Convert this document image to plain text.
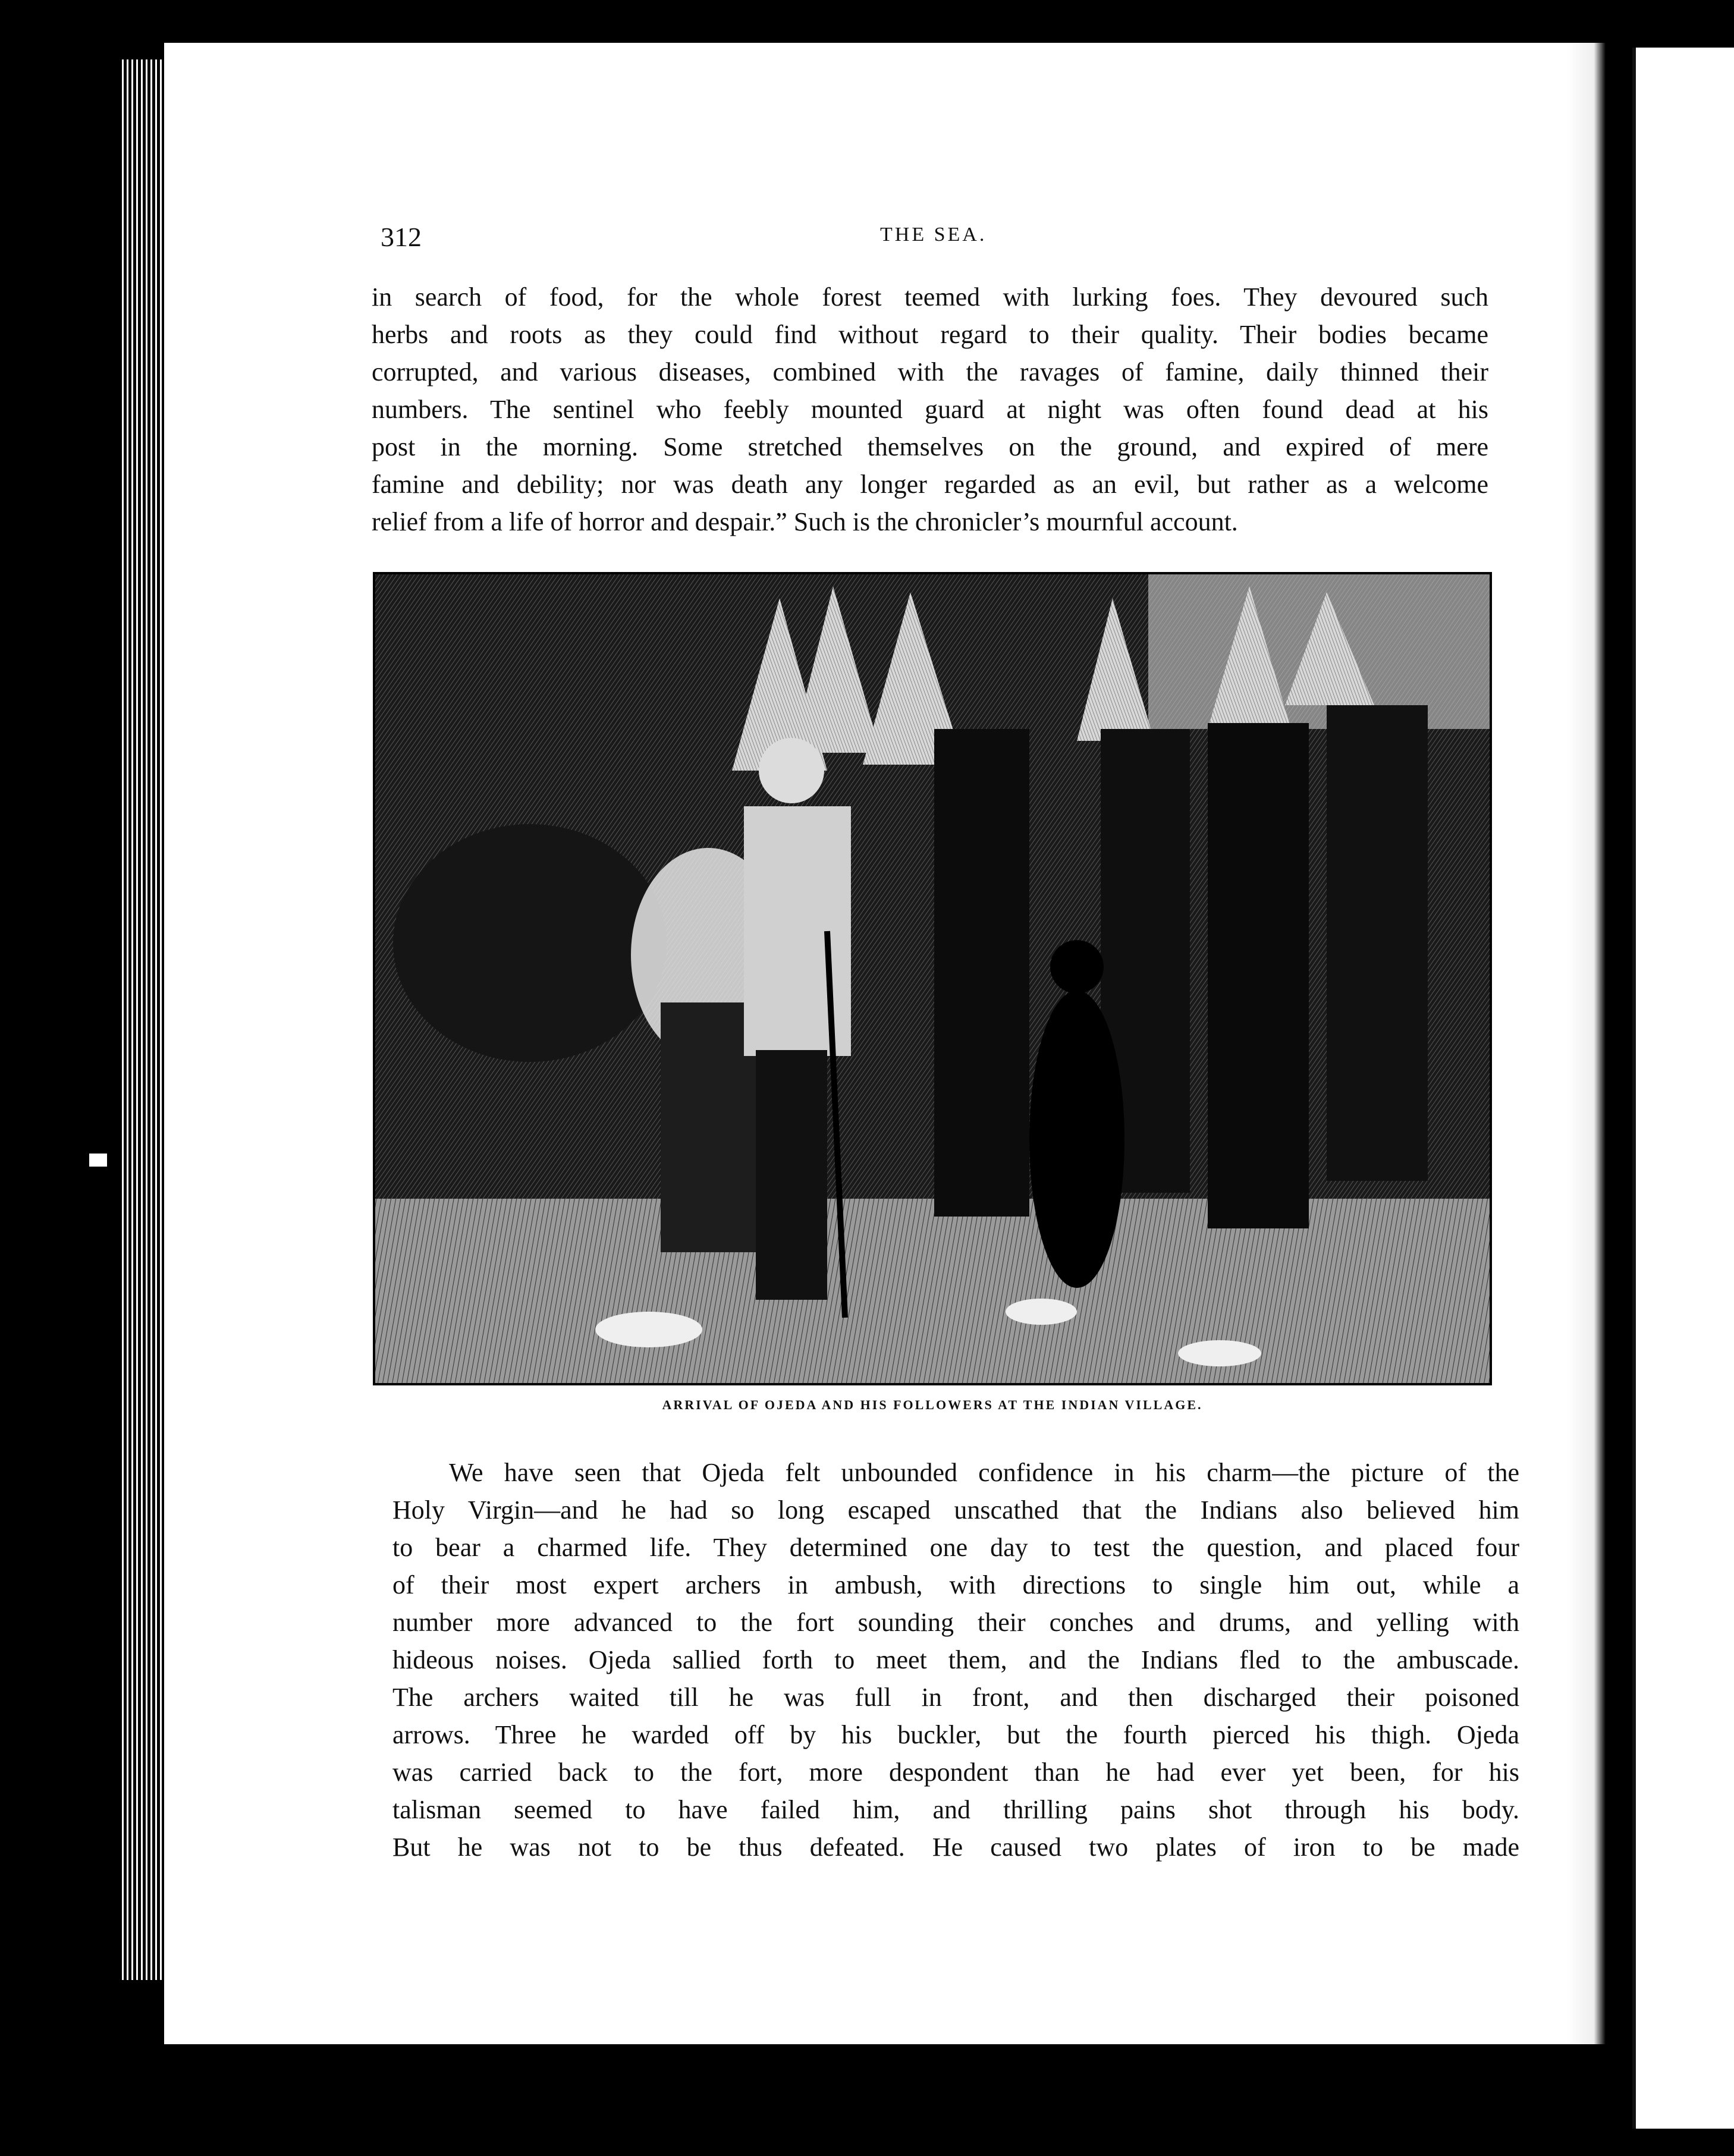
312	THE SEA.

in search of food, for the whole forest teemed with lurking foes. They devoured such
herbs and roots as they could find without regard to their quality. Their bodies became
corrupted, and various diseases, combined with the ravages of famine, daily thinned their
numbers. The sentinel who feebly mounted guard at night was often found dead at his
post in the morning. Some stretched themselves on the ground, and expired of mere
famine and debility; nor was death any longer regarded as an evil, but rather as a welcome
relief from a life of horror and despair.” Such is the chronicler’s mournful account.

ARRIVAL OF OJEDA AND HIS FOLLOWERS AT THE INDIAN VILLAGE.

We have seen that Ojeda felt unbounded confidence in his charm—the picture of the
Holy Virgin—and he had so long escaped unscathed that the Indians also believed him
to bear a charmed life. They determined one day to test the question, and placed four
of their most expert archers in ambush, with directions to single him out, while a
number more advanced to the fort sounding their conches and drums, and yelling with
hideous noises. Ojeda sallied forth to meet them, and the Indians fled to the ambuscade.
The archers waited till he was full in front, and then discharged their poisoned
arrows. Three he warded off by his buckler, but the fourth pierced his thigh. Ojeda
was carried back to the fort, more despondent than he had ever yet been, for his
talisman seemed to have failed him, and thrilling pains shot through his body.
But he was not to be thus defeated. He caused two plates of iron to be made
